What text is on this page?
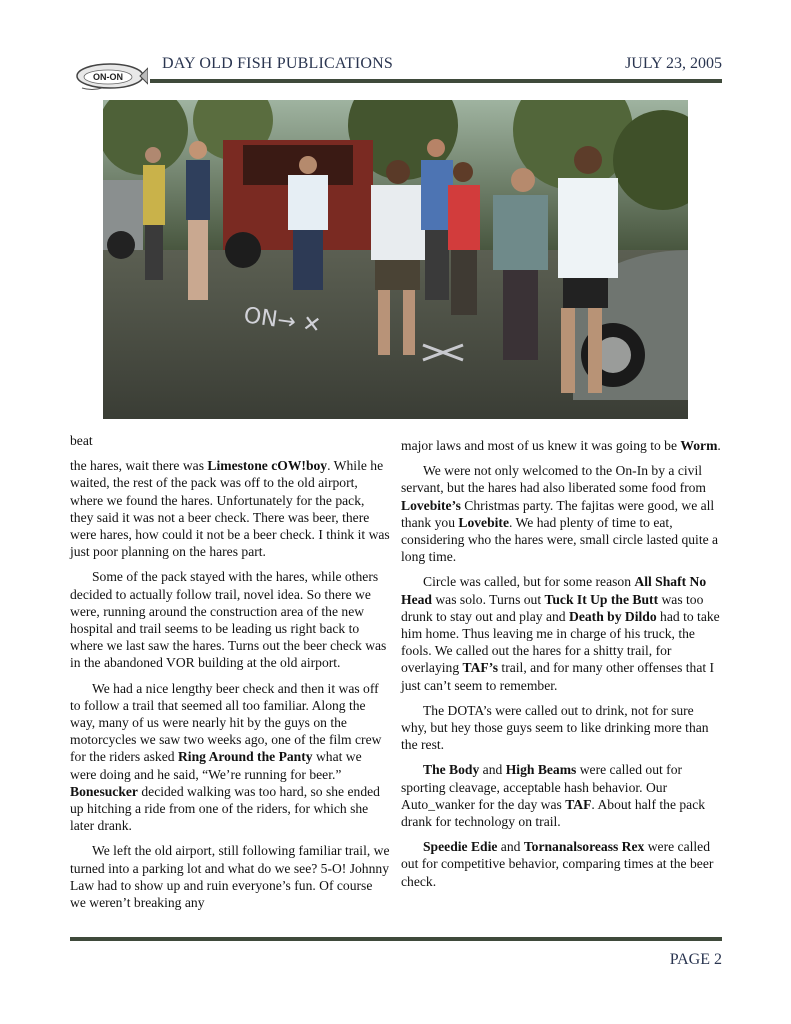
ON-ON
DAY OLD FISH PUBLICATIONS	JULY 23, 2005
ON→ ✕

beat

the hares, wait there was Limestone cOW!boy. While he waited, the rest of the pack was off to the old airport, where we found the hares. Unfortunately for the pack, they said it was not a beer check. There was beer, there were hares, how could it not be a beer check. I think it was just poor planning on the hares part.

Some of the pack stayed with the hares, while others decided to actually follow trail, novel idea. So there we were, running around the construction area of the new hospital and trail seems to be leading us right back to where we last saw the hares. Turns out the beer check was in the abandoned VOR building at the old airport.

We had a nice lengthy beer check and then it was off to follow a trail that seemed all too familiar. Along the way, many of us were nearly hit by the guys on the motorcycles we saw two weeks ago, one of the film crew for the riders asked Ring Around the Panty what we were doing and he said, “We’re running for beer.” Bonesucker decided walking was too hard, so she ended up hitching a ride from one of the riders, for which she later drank.

We left the old airport, still following familiar trail, we turned into a parking lot and what do we see? 5-O! Johnny Law had to show up and ruin everyone’s fun. Of course we weren’t breaking any

major laws and most of us knew it was going to be Worm.

We were not only welcomed to the On-In by a civil servant, but the hares had also liberated some food from Lovebite’s Christmas party. The fajitas were good, we all thank you Lovebite. We had plenty of time to eat, considering who the hares were, small circle lasted quite a long time.

Circle was called, but for some reason All Shaft No Head was solo. Turns out Tuck It Up the Butt was too drunk to stay out and play and Death by Dildo had to take him home. Thus leaving me in charge of his truck, the fools. We called out the hares for a shitty trail, for overlaying TAF’s trail, and for many other offenses that I just can’t seem to remember.

The DOTA’s were called out to drink, not for sure why, but hey those guys seem to like drinking more than the rest.

The Body and High Beams were called out for sporting cleavage, acceptable hash behavior. Our Auto_wanker for the day was TAF. About half the pack drank for technology on trail.

Speedie Edie and Tornanalsoreass Rex were called out for competitive behavior, comparing times at the beer check.

PAGE 2
